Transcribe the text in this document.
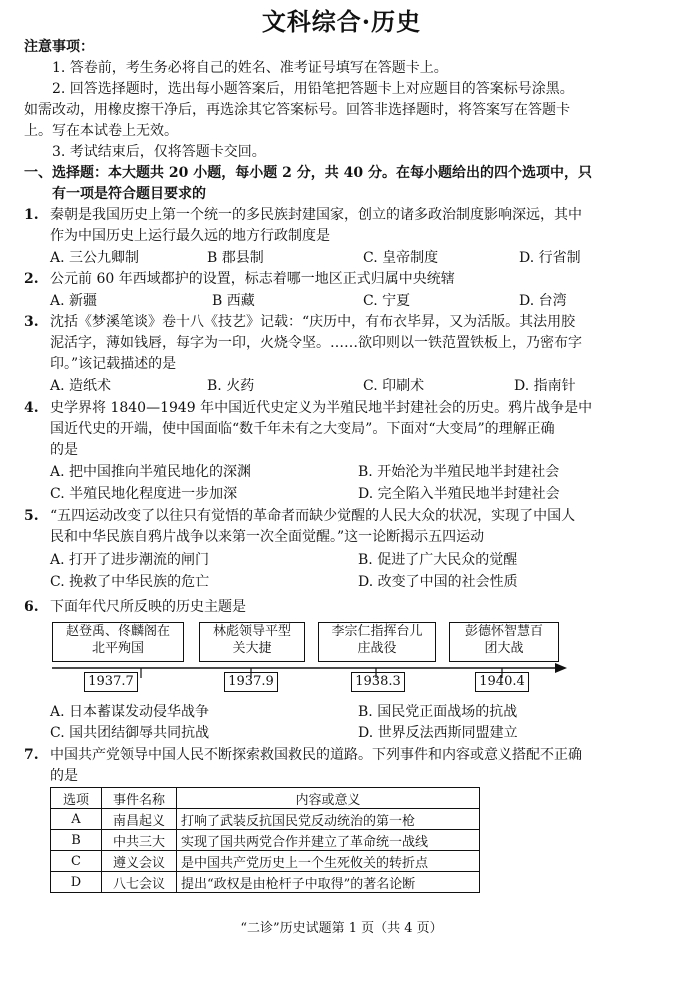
文科综合·历史
注意事项：
1. 答卷前，考生务必将自己的姓名、准考证号填写在答题卡上。
2. 回答选择题时，选出每小题答案后，用铅笔把答题卡上对应题目的答案标号涂黑。
如需改动，用橡皮擦干净后，再选涂其它答案标号。回答非选择题时，将答案写在答题卡
上。写在本试卷上无效。
3. 考试结束后，仅将答题卡交回。
一、选择题：本大题共 20 小题，每小题 2 分，共 40 分。在每小题给出的四个选项中，只
有一项是符合题目要求的
1. 秦朝是我国历史上第一个统一的多民族封建国家，创立的诸多政治制度影响深远，其中
作为中国历史上运行最久远的地方行政制度是
A. 三公九卿制	B 郡县制	C. 皇帝制度	D. 行省制
2. 公元前 60 年西域都护的设置，标志着哪一地区正式归属中央统辖
A. 新疆	B 西藏	C. 宁夏	D. 台湾
3. 沈括《梦溪笔谈》卷十八《技艺》记载：“庆历中，有布衣毕昇，又为活版。其法用胶
泥活字，薄如钱唇，每字为一印，火烧令坚。……欲印则以一铁范置铁板上，乃密布字
印。”该记载描述的是
A. 造纸术	B. 火药	C. 印刷术	D. 指南针
4. 史学界将 1840—1949 年中国近代史定义为半殖民地半封建社会的历史。鸦片战争是中
国近代史的开端，使中国面临“数千年未有之大变局”。下面对“大变局”的理解正确
的是
A. 把中国推向半殖民地化的深渊	B. 开始沦为半殖民地半封建社会
C. 半殖民地化程度进一步加深	D. 完全陷入半殖民地半封建社会
5. “五四运动改变了以往只有觉悟的革命者而缺少觉醒的人民大众的状况，实现了中国人
民和中华民族自鸦片战争以来第一次全面觉醒。”这一论断揭示五四运动
A. 打开了进步潮流的闸门	B. 促进了广大民众的觉醒
C. 挽救了中华民族的危亡	D. 改变了中国的社会性质
6. 下面年代尺所反映的历史主题是
赵登禹、佟麟阁在
北平殉国
林彪领导平型
关大捷
李宗仁指挥台儿
庄战役
彭德怀智慧百
团大战
1937.7	1937.9	1938.3	1940.4
A. 日本蓄谋发动侵华战争	B. 国民党正面战场的抗战
C. 国共团结御辱共同抗战	D. 世界反法西斯同盟建立
7. 中国共产党领导中国人民不断探索救国救民的道路。下列事件和内容或意义搭配不正确
的是
选项	事件名称	内容或意义
A	南昌起义	打响了武装反抗国民党反动统治的第一枪
B	中共三大	实现了国共两党合作并建立了革命统一战线
C	遵义会议	是中国共产党历史上一个生死攸关的转折点
D	八七会议	提出“政权是由枪杆子中取得”的著名论断
“二诊”历史试题第 1 页（共 4 页）
